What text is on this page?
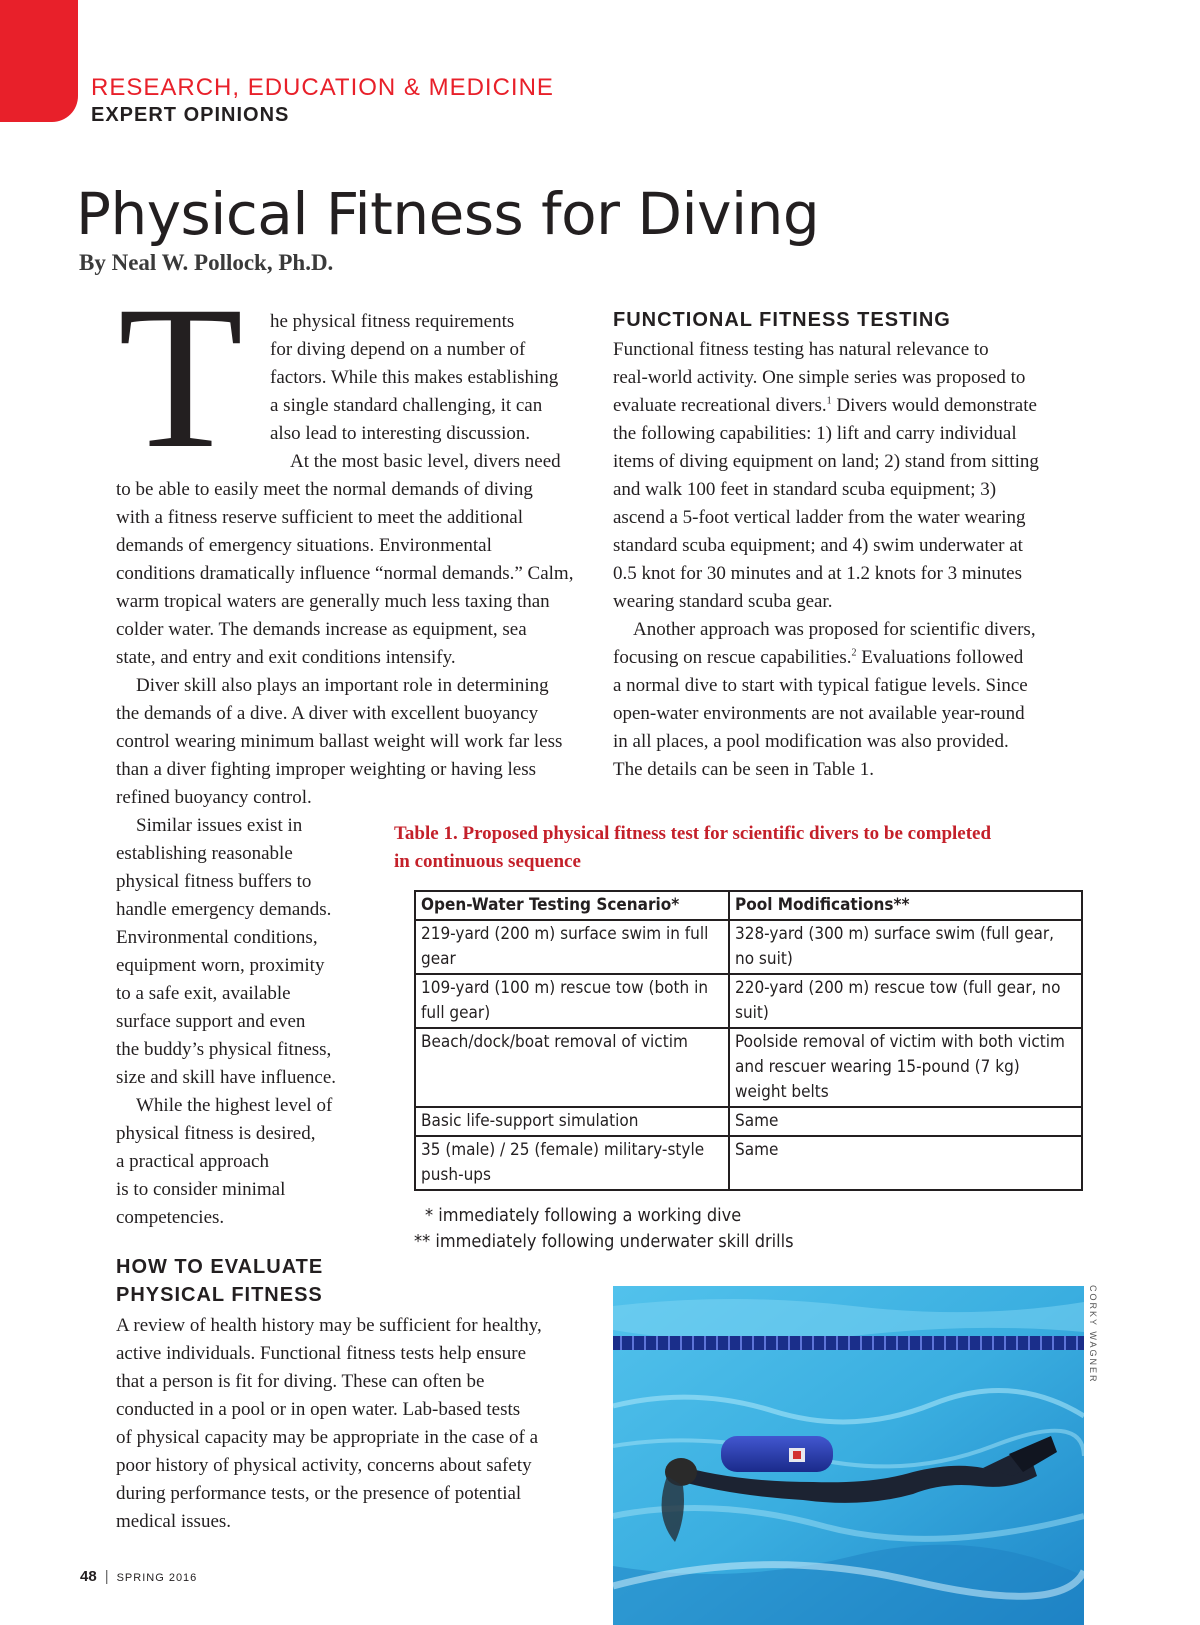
RESEARCH, EDUCATION & MEDICINE
EXPERT OPINIONS
Physical Fitness for Diving
By Neal W. Pollock, Ph.D.
T he physical fitness requirements
for diving depend on a number of
factors. While this makes establishing
a single standard challenging, it can
also lead to interesting discussion.
At the most basic level, divers need
to be able to easily meet the normal demands of diving
with a fitness reserve sufficient to meet the additional
demands of emergency situations. Environmental
conditions dramatically influence “normal demands.” Calm,
warm tropical waters are generally much less taxing than
colder water. The demands increase as equipment, sea
state, and entry and exit conditions intensify.
Diver skill also plays an important role in determining
the demands of a dive. A diver with excellent buoyancy
control wearing minimum ballast weight will work far less
than a diver fighting improper weighting or having less
refined buoyancy control.
Similar issues exist in
establishing reasonable
physical fitness buffers to
handle emergency demands.
Environmental conditions,
equipment worn, proximity
to a safe exit, available
surface support and even
the buddy’s physical fitness,
size and skill have influence.
While the highest level of
physical fitness is desired,
a practical approach
is to consider minimal
competencies.
HOW TO EVALUATE
PHYSICAL FITNESS
A review of health history may be sufficient for healthy,
active individuals. Functional fitness tests help ensure
that a person is fit for diving. These can often be
conducted in a pool or in open water. Lab-based tests
of physical capacity may be appropriate in the case of a
poor history of physical activity, concerns about safety
during performance tests, or the presence of potential
medical issues.
FUNCTIONAL FITNESS TESTING
Functional fitness testing has natural relevance to
real-world activity. One simple series was proposed to
evaluate recreational divers.$^1$ Divers would demonstrate
the following capabilities: 1) lift and carry individual
items of diving equipment on land; 2) stand from sitting
and walk 100 feet in standard scuba equipment; 3)
ascend a 5-foot vertical ladder from the water wearing
standard scuba equipment; and 4) swim underwater at
0.5 knot for 30 minutes and at 1.2 knots for 3 minutes
wearing standard scuba gear.
Another approach was proposed for scientific divers,
focusing on rescue capabilities.$^2$ Evaluations followed
a normal dive to start with typical fatigue levels. Since
open-water environments are not available year-round
in all places, a pool modification was also provided.
The details can be seen in Table 1.
Table 1. Proposed physical fitness test for scientific divers to be completed
in continuous sequence
Open-Water Testing Scenario*	Pool Modifications**
219-yard (200 m) surface swim in full gear	328-yard (300 m) surface swim (full gear, no suit)
109-yard (100 m) rescue tow (both in full gear)	220-yard (200 m) rescue tow (full gear, no suit)
Beach/dock/boat removal of victim	Poolside removal of victim with both victim and rescuer wearing 15-pound (7 kg) weight belts
Basic life-support simulation	Same
35 (male) / 25 (female) military-style push-ups	Same
* immediately following a working dive
** immediately following underwater skill drills
CORKY WAGNER
48 | SPRING 2016
